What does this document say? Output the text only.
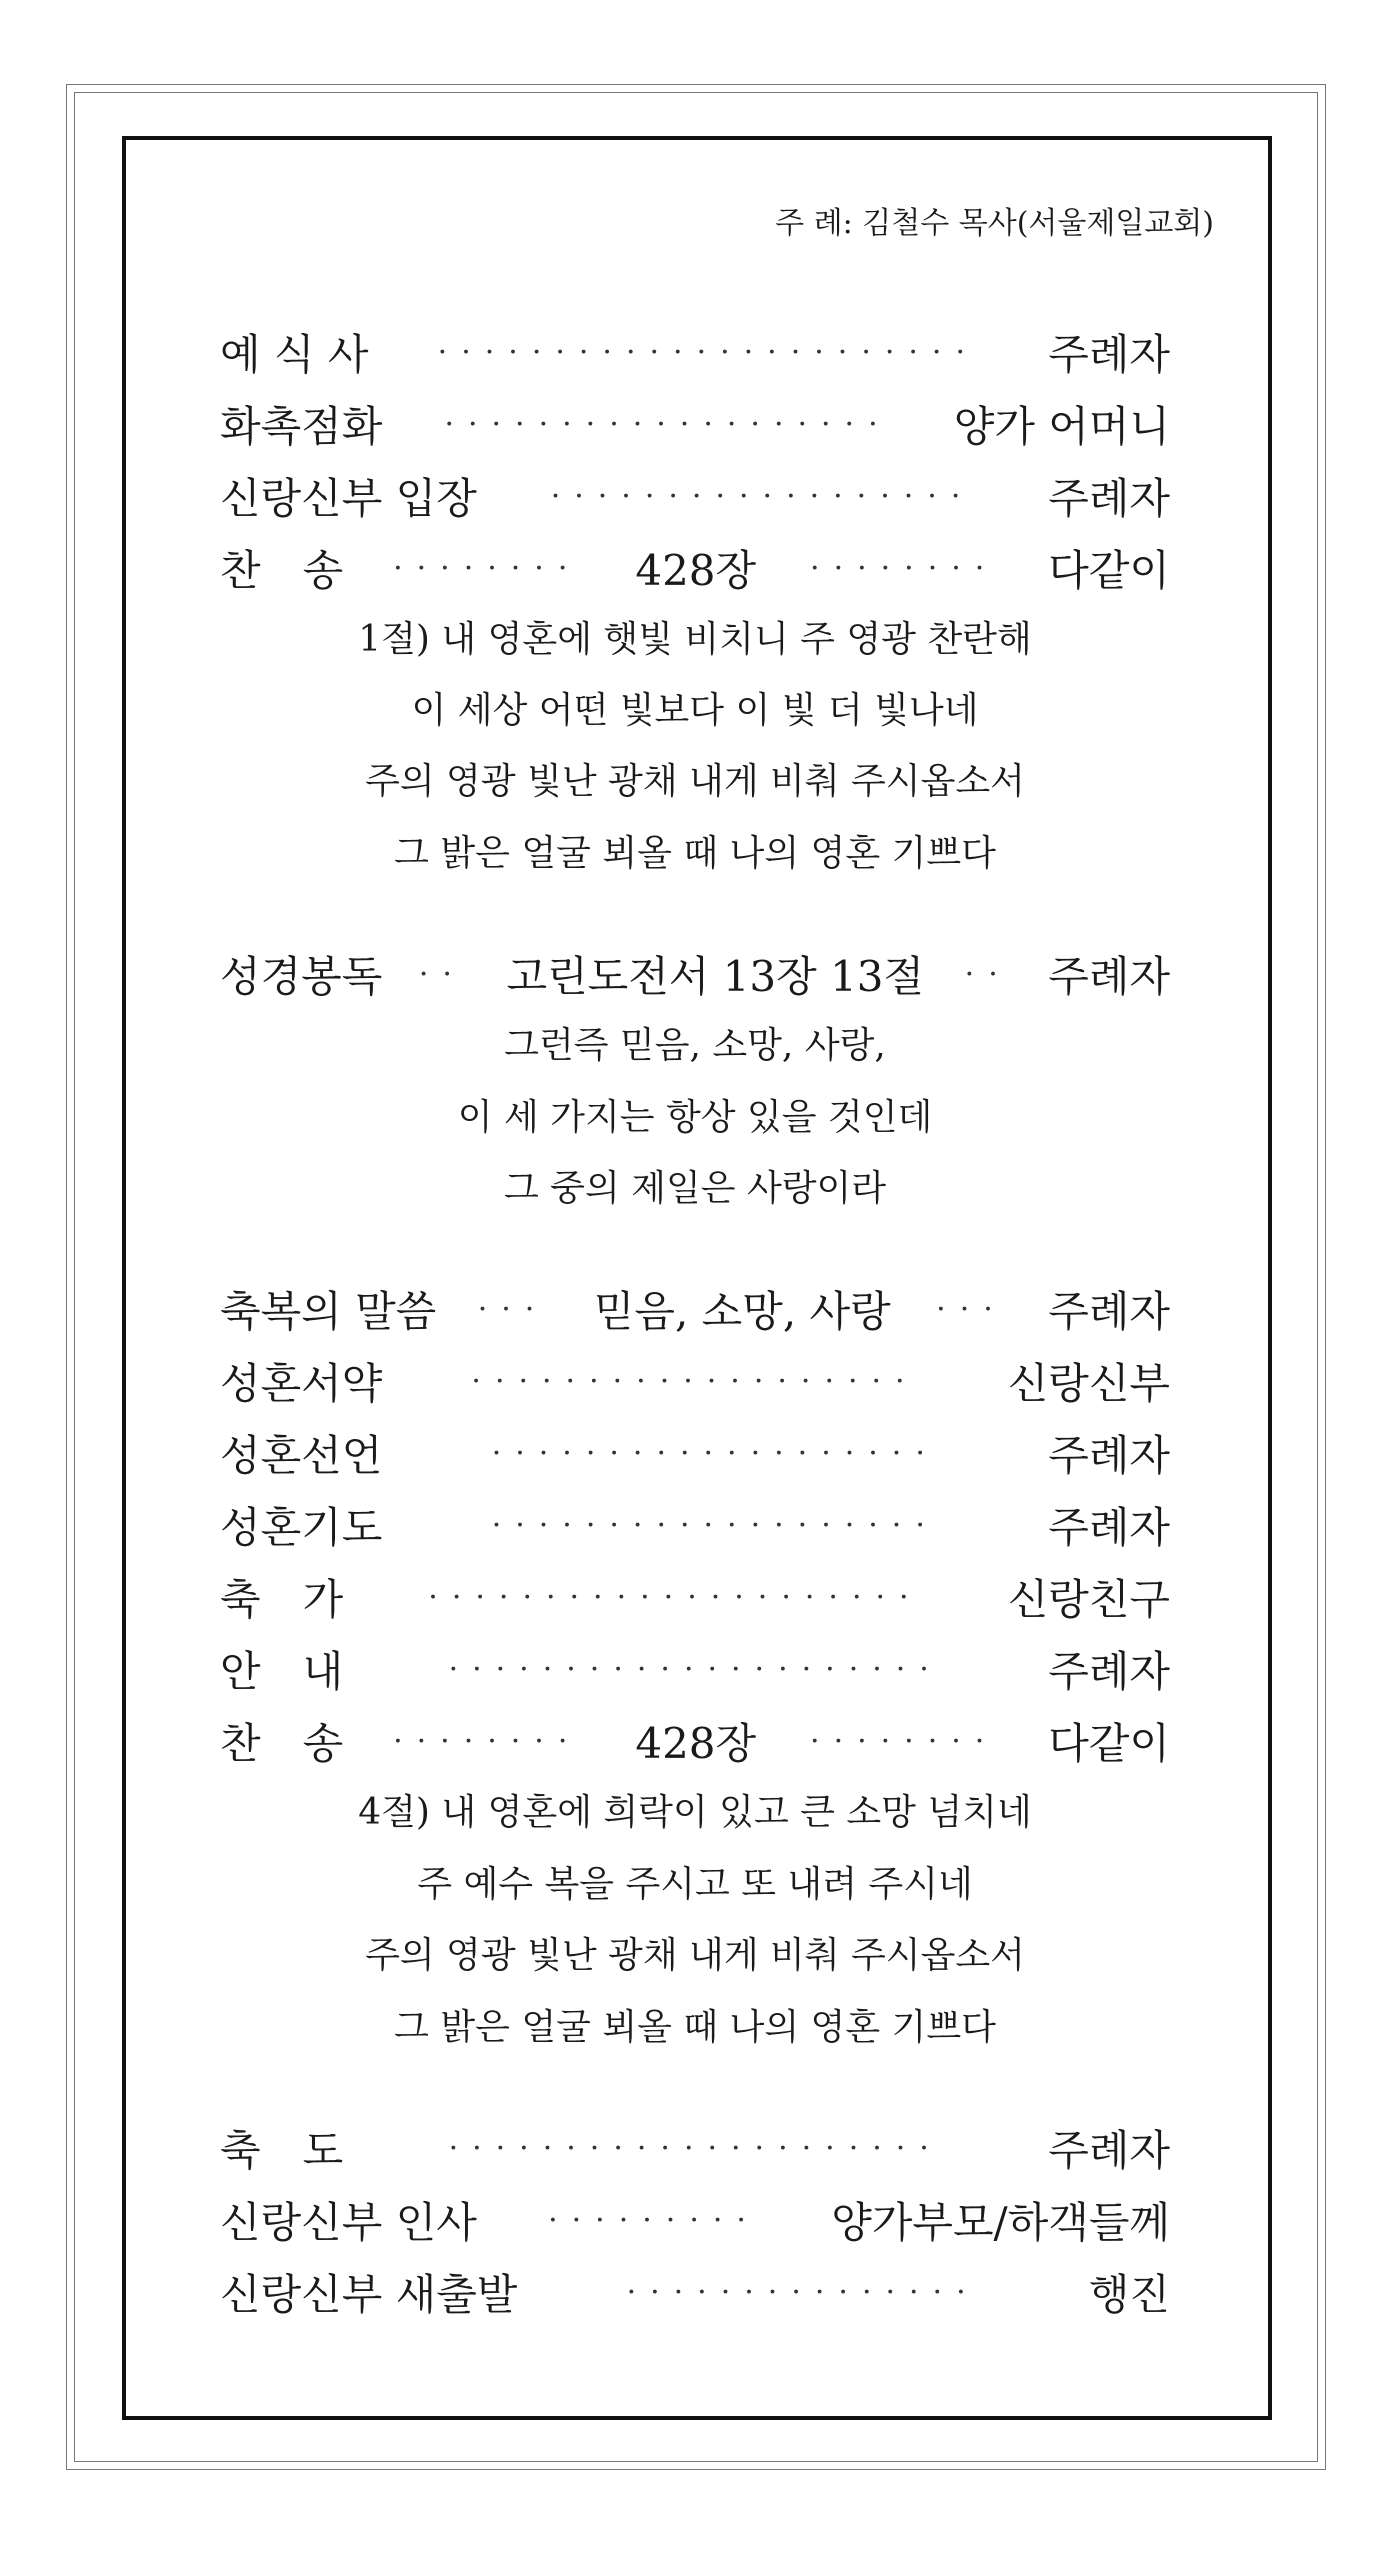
주 례: 김철수 목사(서울제일교회)
예 식 사	·······················	주례자
화촉점화	···················	양가 어머니
신랑신부 입장	··················	주례자
찬　송	········	428장	········	다같이
1절) 내 영혼에 햇빛 비치니 주 영광 찬란해
이 세상 어떤 빛보다 이 빛 더 빛나네
주의 영광 빛난 광채 내게 비춰 주시옵소서
그 밝은 얼굴 뵈올 때 나의 영혼 기쁘다
성경봉독	·· 고린도전서 13장 13절	·· 주례자
그런즉 믿음, 소망, 사랑,
이 세 가지는 항상 있을 것인데
그 중의 제일은 사랑이라
축복의 말씀	···	믿음, 소망, 사랑	··· 주례자
성혼서약	···················	신랑신부
성혼선언	···················	주례자
성혼기도	···················	주례자
축　가	·····················	신랑친구
안　내	·····················	주례자
찬　송	········	428장	········	다같이
4절) 내 영혼에 희락이 있고 큰 소망 넘치네
주 예수 복을 주시고 또 내려 주시네
주의 영광 빛난 광채 내게 비춰 주시옵소서
그 밝은 얼굴 뵈올 때 나의 영혼 기쁘다
축　도	·····················	주례자
신랑신부 인사	·········	양가부모/하객들께
신랑신부 새출발	···············	행진
